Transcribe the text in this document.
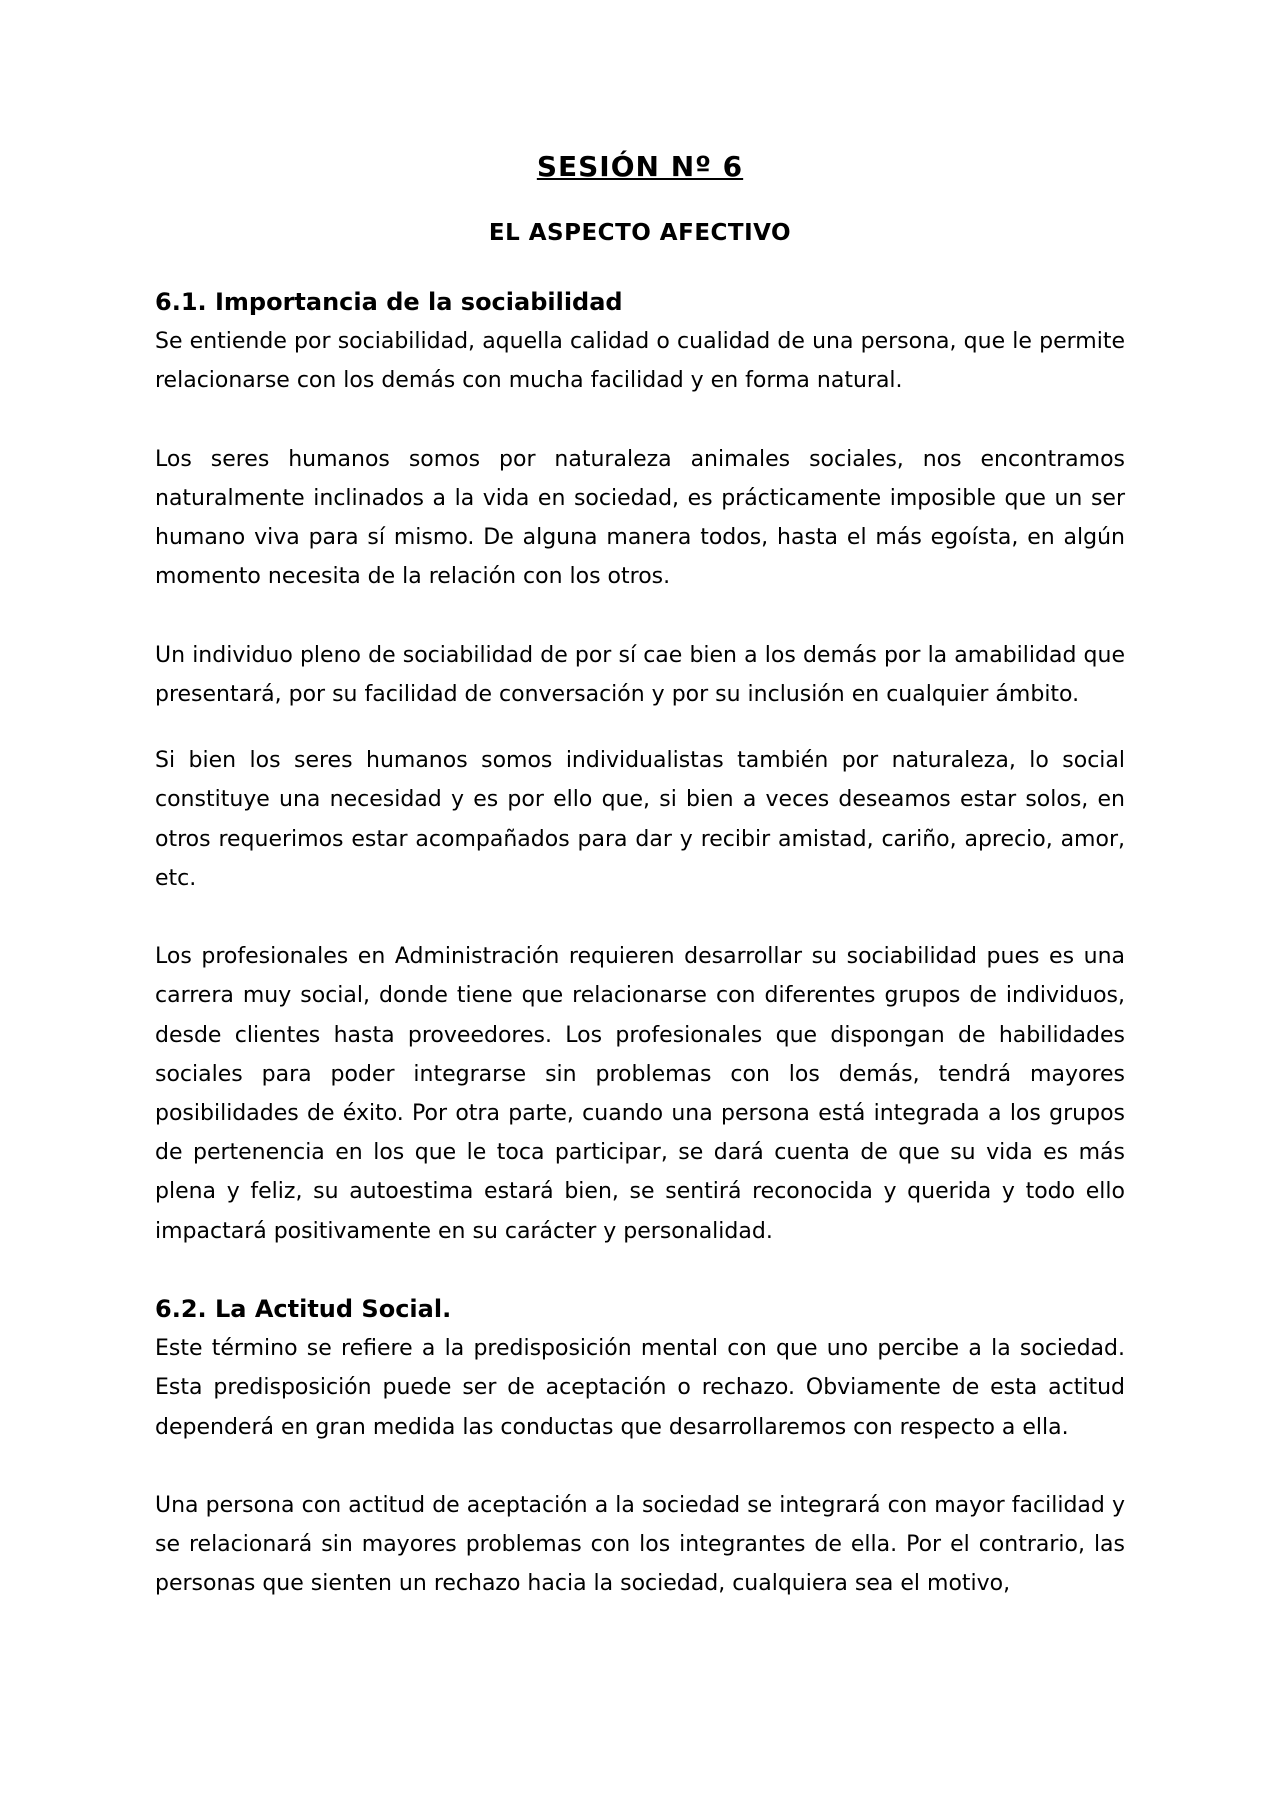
SESIÓN Nº 6
EL ASPECTO AFECTIVO
6.1. Importancia de la sociabilidad

Se entiende por sociabilidad, aquella calidad o cualidad de una persona, que le permite relacionarse con los demás con mucha facilidad y en forma natural.

Los seres humanos somos por naturaleza animales sociales, nos encontramos naturalmente inclinados a la vida en sociedad, es prácticamente imposible que un ser humano viva para sí mismo. De alguna manera todos, hasta el más egoísta, en algún momento necesita de la relación con los otros.

Un individuo pleno de sociabilidad de por sí cae bien a los demás por la amabilidad que presentará, por su facilidad de conversación y por su inclusión en cualquier ámbito.

Si bien los seres humanos somos individualistas también por naturaleza, lo social constituye una necesidad y es por ello que, si bien a veces deseamos estar solos, en otros requerimos estar acompañados para dar y recibir amistad, cariño, aprecio, amor, etc.

Los profesionales en Administración requieren desarrollar su sociabilidad pues es una carrera muy social, donde tiene que relacionarse con diferentes grupos de individuos, desde clientes hasta proveedores. Los profesionales que dispongan de habilidades sociales para poder integrarse sin problemas con los demás, tendrá mayores posibilidades de éxito. Por otra parte, cuando una persona está integrada a los grupos de pertenencia en los que le toca participar, se dará cuenta de que su vida es más plena y feliz, su autoestima estará bien, se sentirá reconocida y querida y todo ello impactará positivamente en su carácter y personalidad.

6.2. La Actitud Social.

Este término se refiere a la predisposición mental con que uno percibe a la sociedad. Esta predisposición puede ser de aceptación o rechazo. Obviamente de esta actitud dependerá en gran medida las conductas que desarrollaremos con respecto a ella.

Una persona con actitud de aceptación a la sociedad se integrará con mayor facilidad y se relacionará sin mayores problemas con los integrantes de ella. Por el contrario, las personas que sienten un rechazo hacia la sociedad, cualquiera sea el motivo,
